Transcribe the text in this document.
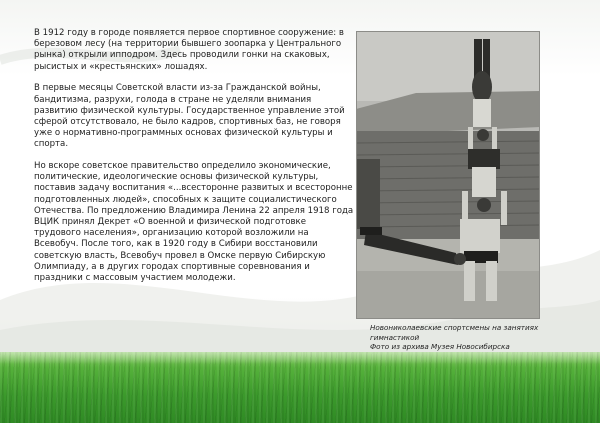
В 1912 году в городе появляется первое спортивное сооружение: в березовом лесу (на территории бывшего зоопарка у Центрального рынка) открыли ипподром. Здесь проводили гонки на скаковых, рысистых и «крестьянских» лошадях.

В первые месяцы Советской власти из-за Гражданской войны, бандитизма, разрухи, голода в стране не уделяли внимания развитию физической культуры. Государственное управление этой сферой отсутствовало, не было кадров, спортивных баз, не говоря уже о нормативно-программных основах физической культуры и спорта.

Но вскоре советское правительство определило экономические, политические, идеологические основы физической культуры, поставив задачу воспитания «...всесторонне развитых и всесторонне подготовленных людей», способных к защите социалистического Отечества. По предложению Владимира Ленина 22 апреля 1918 года ВЦИК принял Декрет «О военной и физической подготовке трудового населения», организацию которой возложили на Всевобуч. После того, как в 1920 году в Сибири восстановили советскую власть, Всевобуч провел в Омске первую Сибирскую Олимпиаду, а в других городах спортивные соревнования и праздники с массовым участием молодежи.

Новониколаевские спортсмены на занятиях
гимнастикой
Фото из архива Музея Новосибирска
